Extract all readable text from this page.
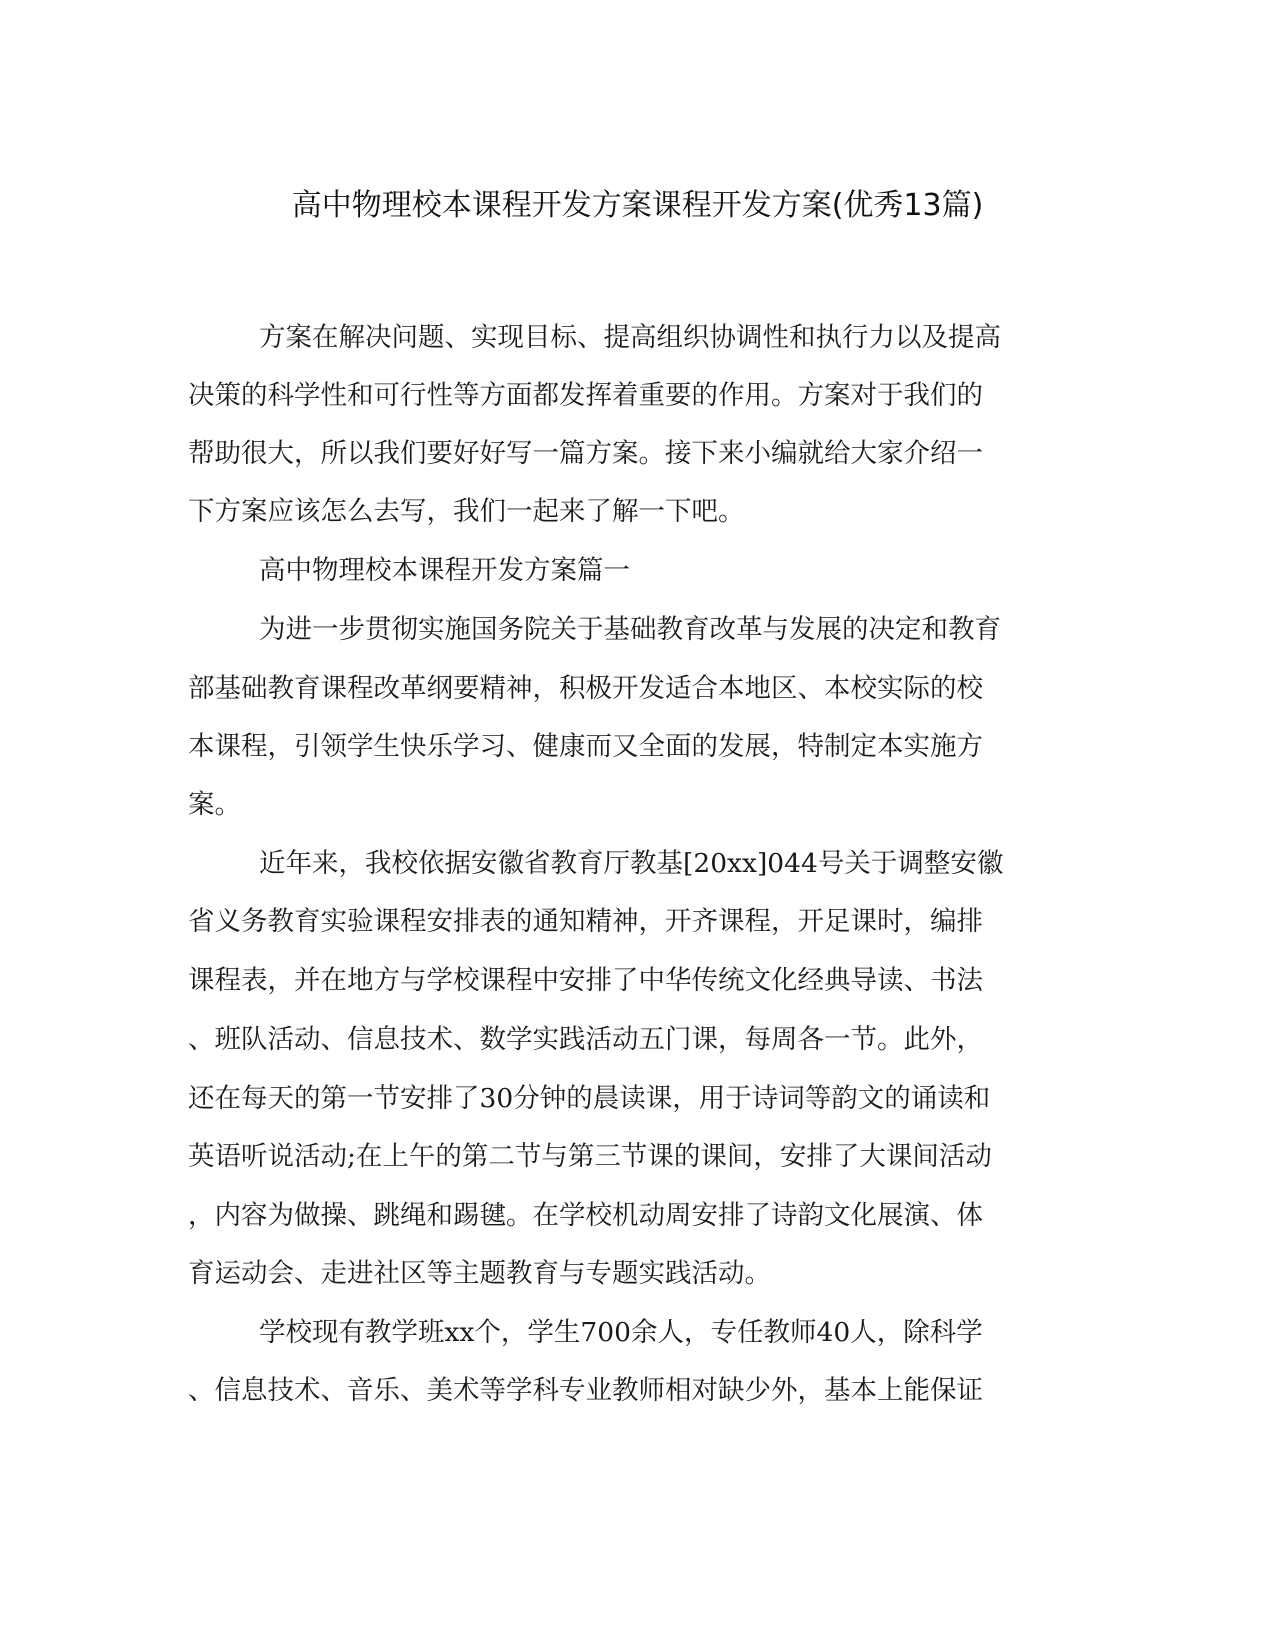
高中物理校本课程开发方案课程开发方案(优秀13篇)
方案在解决问题、实现目标、提高组织协调性和执行力以及提高
决策的科学性和可行性等方面都发挥着重要的作用。方案对于我们的
帮助很大，所以我们要好好写一篇方案。接下来小编就给大家介绍一
下方案应该怎么去写，我们一起来了解一下吧。
高中物理校本课程开发方案篇一
为进一步贯彻实施国务院关于基础教育改革与发展的决定和教育
部基础教育课程改革纲要精神，积极开发适合本地区、本校实际的校
本课程，引领学生快乐学习、健康而又全面的发展，特制定本实施方
案。
近年来，我校依据安徽省教育厅教基[20xx]044号关于调整安徽
省义务教育实验课程安排表的通知精神，开齐课程，开足课时，编排
课程表，并在地方与学校课程中安排了中华传统文化经典导读、书法
、班队活动、信息技术、数学实践活动五门课，每周各一节。此外，
还在每天的第一节安排了30分钟的晨读课，用于诗词等韵文的诵读和
英语听说活动;在上午的第二节与第三节课的课间，安排了大课间活动
，内容为做操、跳绳和踢毽。在学校机动周安排了诗韵文化展演、体
育运动会、走进社区等主题教育与专题实践活动。
学校现有教学班xx个，学生700余人，专任教师40人，除科学
、信息技术、音乐、美术等学科专业教师相对缺少外，基本上能保证
